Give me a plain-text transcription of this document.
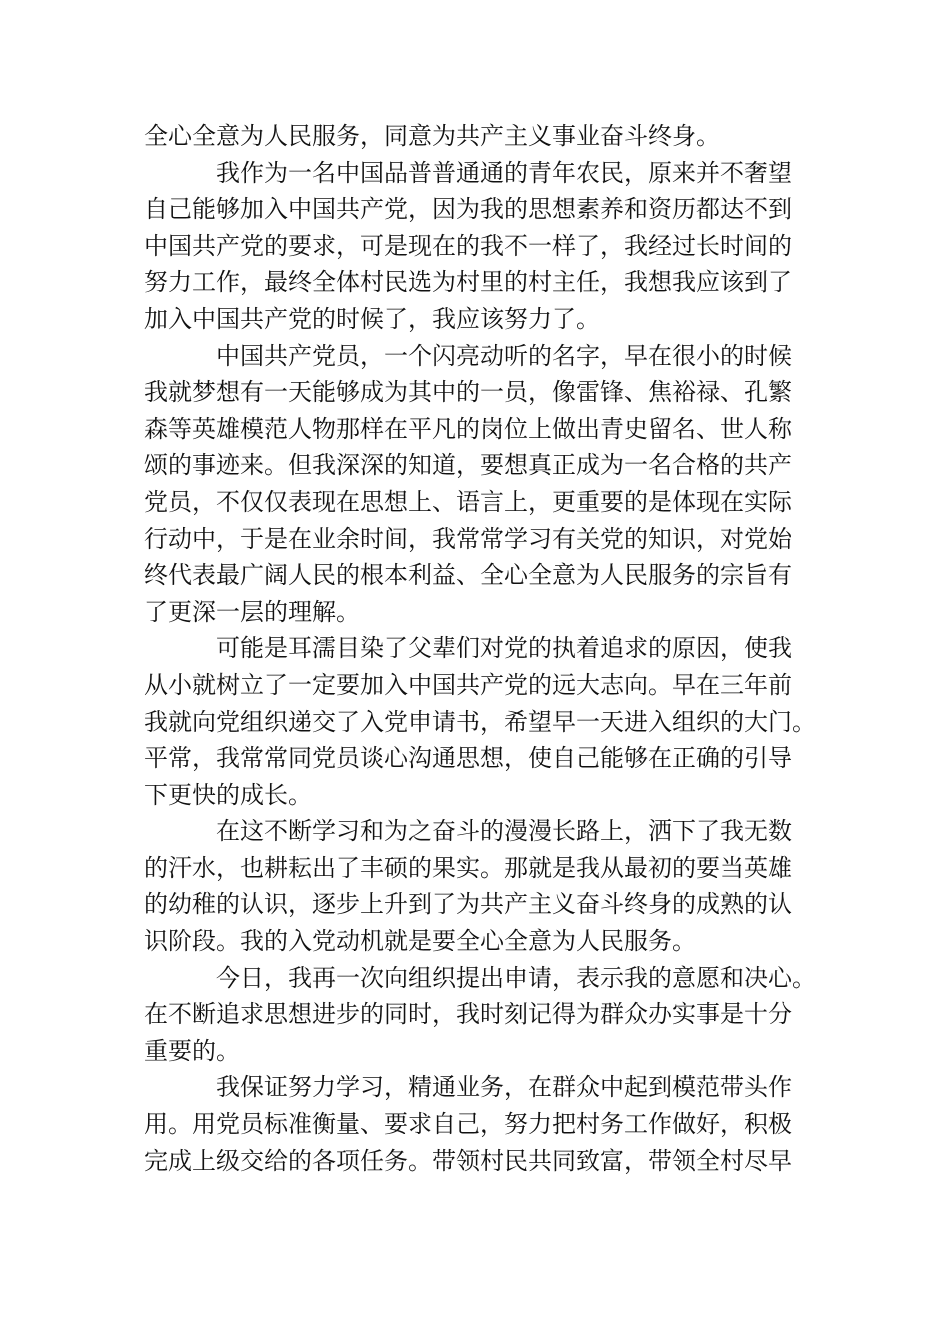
全心全意为人民服务，同意为共产主义事业奋斗终身。
我作为一名中国品普普通通的青年农民，原来并不奢望
自己能够加入中国共产党，因为我的思想素养和资历都达不到
中国共产党的要求，可是现在的我不一样了，我经过长时间的
努力工作，最终全体村民选为村里的村主任，我想我应该到了
加入中国共产党的时候了，我应该努力了。
中国共产党员，一个闪亮动听的名字，早在很小的时候
我就梦想有一天能够成为其中的一员，像雷锋、焦裕禄、孔繁
森等英雄模范人物那样在平凡的岗位上做出青史留名、世人称
颂的事迹来。但我深深的知道，要想真正成为一名合格的共产
党员，不仅仅表现在思想上、语言上，更重要的是体现在实际
行动中，于是在业余时间，我常常学习有关党的知识，对党始
终代表最广阔人民的根本利益、全心全意为人民服务的宗旨有
了更深一层的理解。
可能是耳濡目染了父辈们对党的执着追求的原因，使我
从小就树立了一定要加入中国共产党的远大志向。早在三年前
我就向党组织递交了入党申请书，希望早一天进入组织的大门。
平常，我常常同党员谈心沟通思想，使自己能够在正确的引导
下更快的成长。
在这不断学习和为之奋斗的漫漫长路上，洒下了我无数
的汗水，也耕耘出了丰硕的果实。那就是我从最初的要当英雄
的幼稚的认识，逐步上升到了为共产主义奋斗终身的成熟的认
识阶段。我的入党动机就是要全心全意为人民服务。
今日，我再一次向组织提出申请，表示我的意愿和决心。
在不断追求思想进步的同时，我时刻记得为群众办实事是十分
重要的。
我保证努力学习，精通业务，在群众中起到模范带头作
用。用党员标准衡量、要求自己，努力把村务工作做好，积极
完成上级交给的各项任务。带领村民共同致富，带领全村尽早
